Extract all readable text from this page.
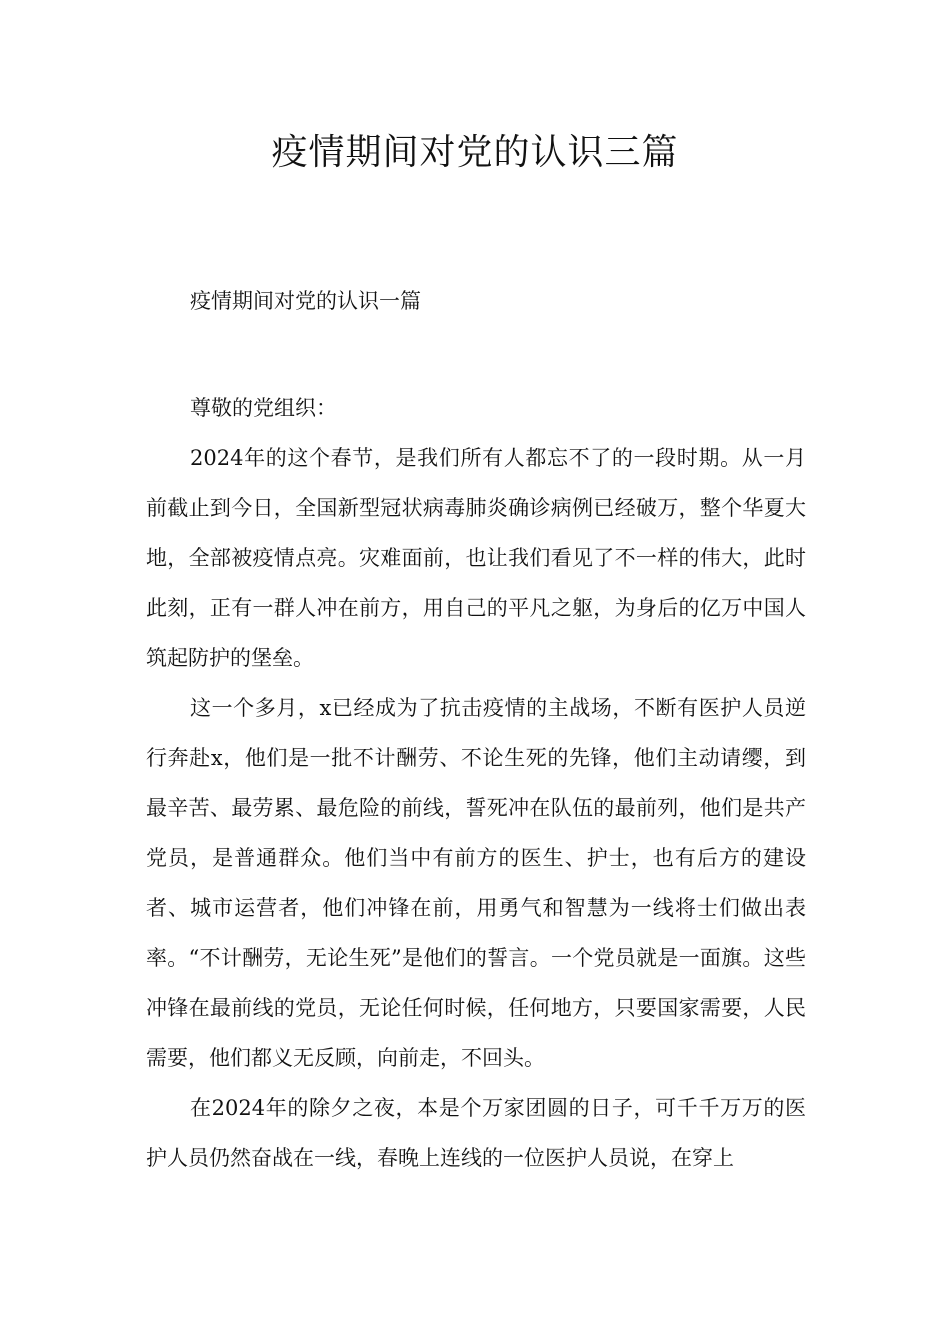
疫情期间对党的认识三篇

疫情期间对党的认识一篇

尊敬的党组织：

2024年的这个春节，是我们所有人都忘不了的一段时期。从一月前截止到今日，全国新型冠状病毒肺炎确诊病例已经破万，整个华夏大地，全部被疫情点亮。灾难面前，也让我们看见了不一样的伟大，此时此刻，正有一群人冲在前方，用自己的平凡之躯，为身后的亿万中国人筑起防护的堡垒。

这一个多月，x已经成为了抗击疫情的主战场，不断有医护人员逆行奔赴x，他们是一批不计酬劳、不论生死的先锋，他们主动请缨，到最辛苦、最劳累、最危险的前线，誓死冲在队伍的最前列，他们是共产党员，是普通群众。他们当中有前方的医生、护士，也有后方的建设者、城市运营者，他们冲锋在前，用勇气和智慧为一线将士们做出表率。“不计酬劳，无论生死”是他们的誓言。一个党员就是一面旗。这些冲锋在最前线的党员，无论任何时候，任何地方，只要国家需要，人民需要，他们都义无反顾，向前走，不回头。

在2024年的除夕之夜，本是个万家团圆的日子，可千千万万的医护人员仍然奋战在一线，春晚上连线的一位医护人员说，在穿上
